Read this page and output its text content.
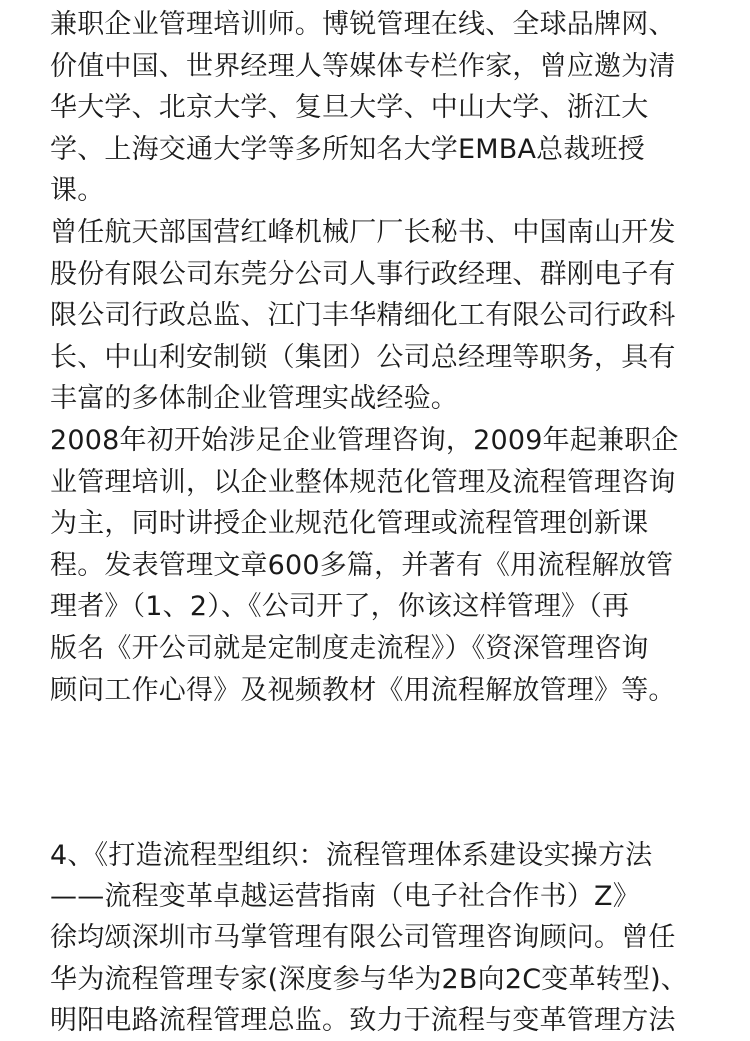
兼职企业管理培训师。博锐管理在线、全球品牌网、
价值中国、世界经理人等媒体专栏作家，曾应邀为清
华大学、北京大学、复旦大学、中山大学、浙江大
学、上海交通大学等多所知名大学EMBA总裁班授
课。
曾任航天部国营红峰机械厂厂长秘书、中国南山开发
股份有限公司东莞分公司人事行政经理、群刚电子有
限公司行政总监、江门丰华精细化工有限公司行政科
长、中山利安制锁（集团）公司总经理等职务，具有
丰富的多体制企业管理实战经验。
2008年初开始涉足企业管理咨询，2009年起兼职企
业管理培训，以企业整体规范化管理及流程管理咨询
为主，同时讲授企业规范化管理或流程管理创新课
程。发表管理文章600多篇，并著有《用流程解放管
理者》（1、2）、《公司开了，你该这样管理》（再
版名《开公司就是定制度走流程》）《资深管理咨询
顾问工作心得》及视频教材《用流程解放管理》等。
4、《打造流程型组织：流程管理体系建设实操方法
——流程变革卓越运营指南（电子社合作书）Z》
徐均颂深圳市马掌管理有限公司管理咨询顾问。曾任
华为流程管理专家(深度参与华为2B向2C变革转型)、
明阳电路流程管理总监。致力于流程与变革管理方法
